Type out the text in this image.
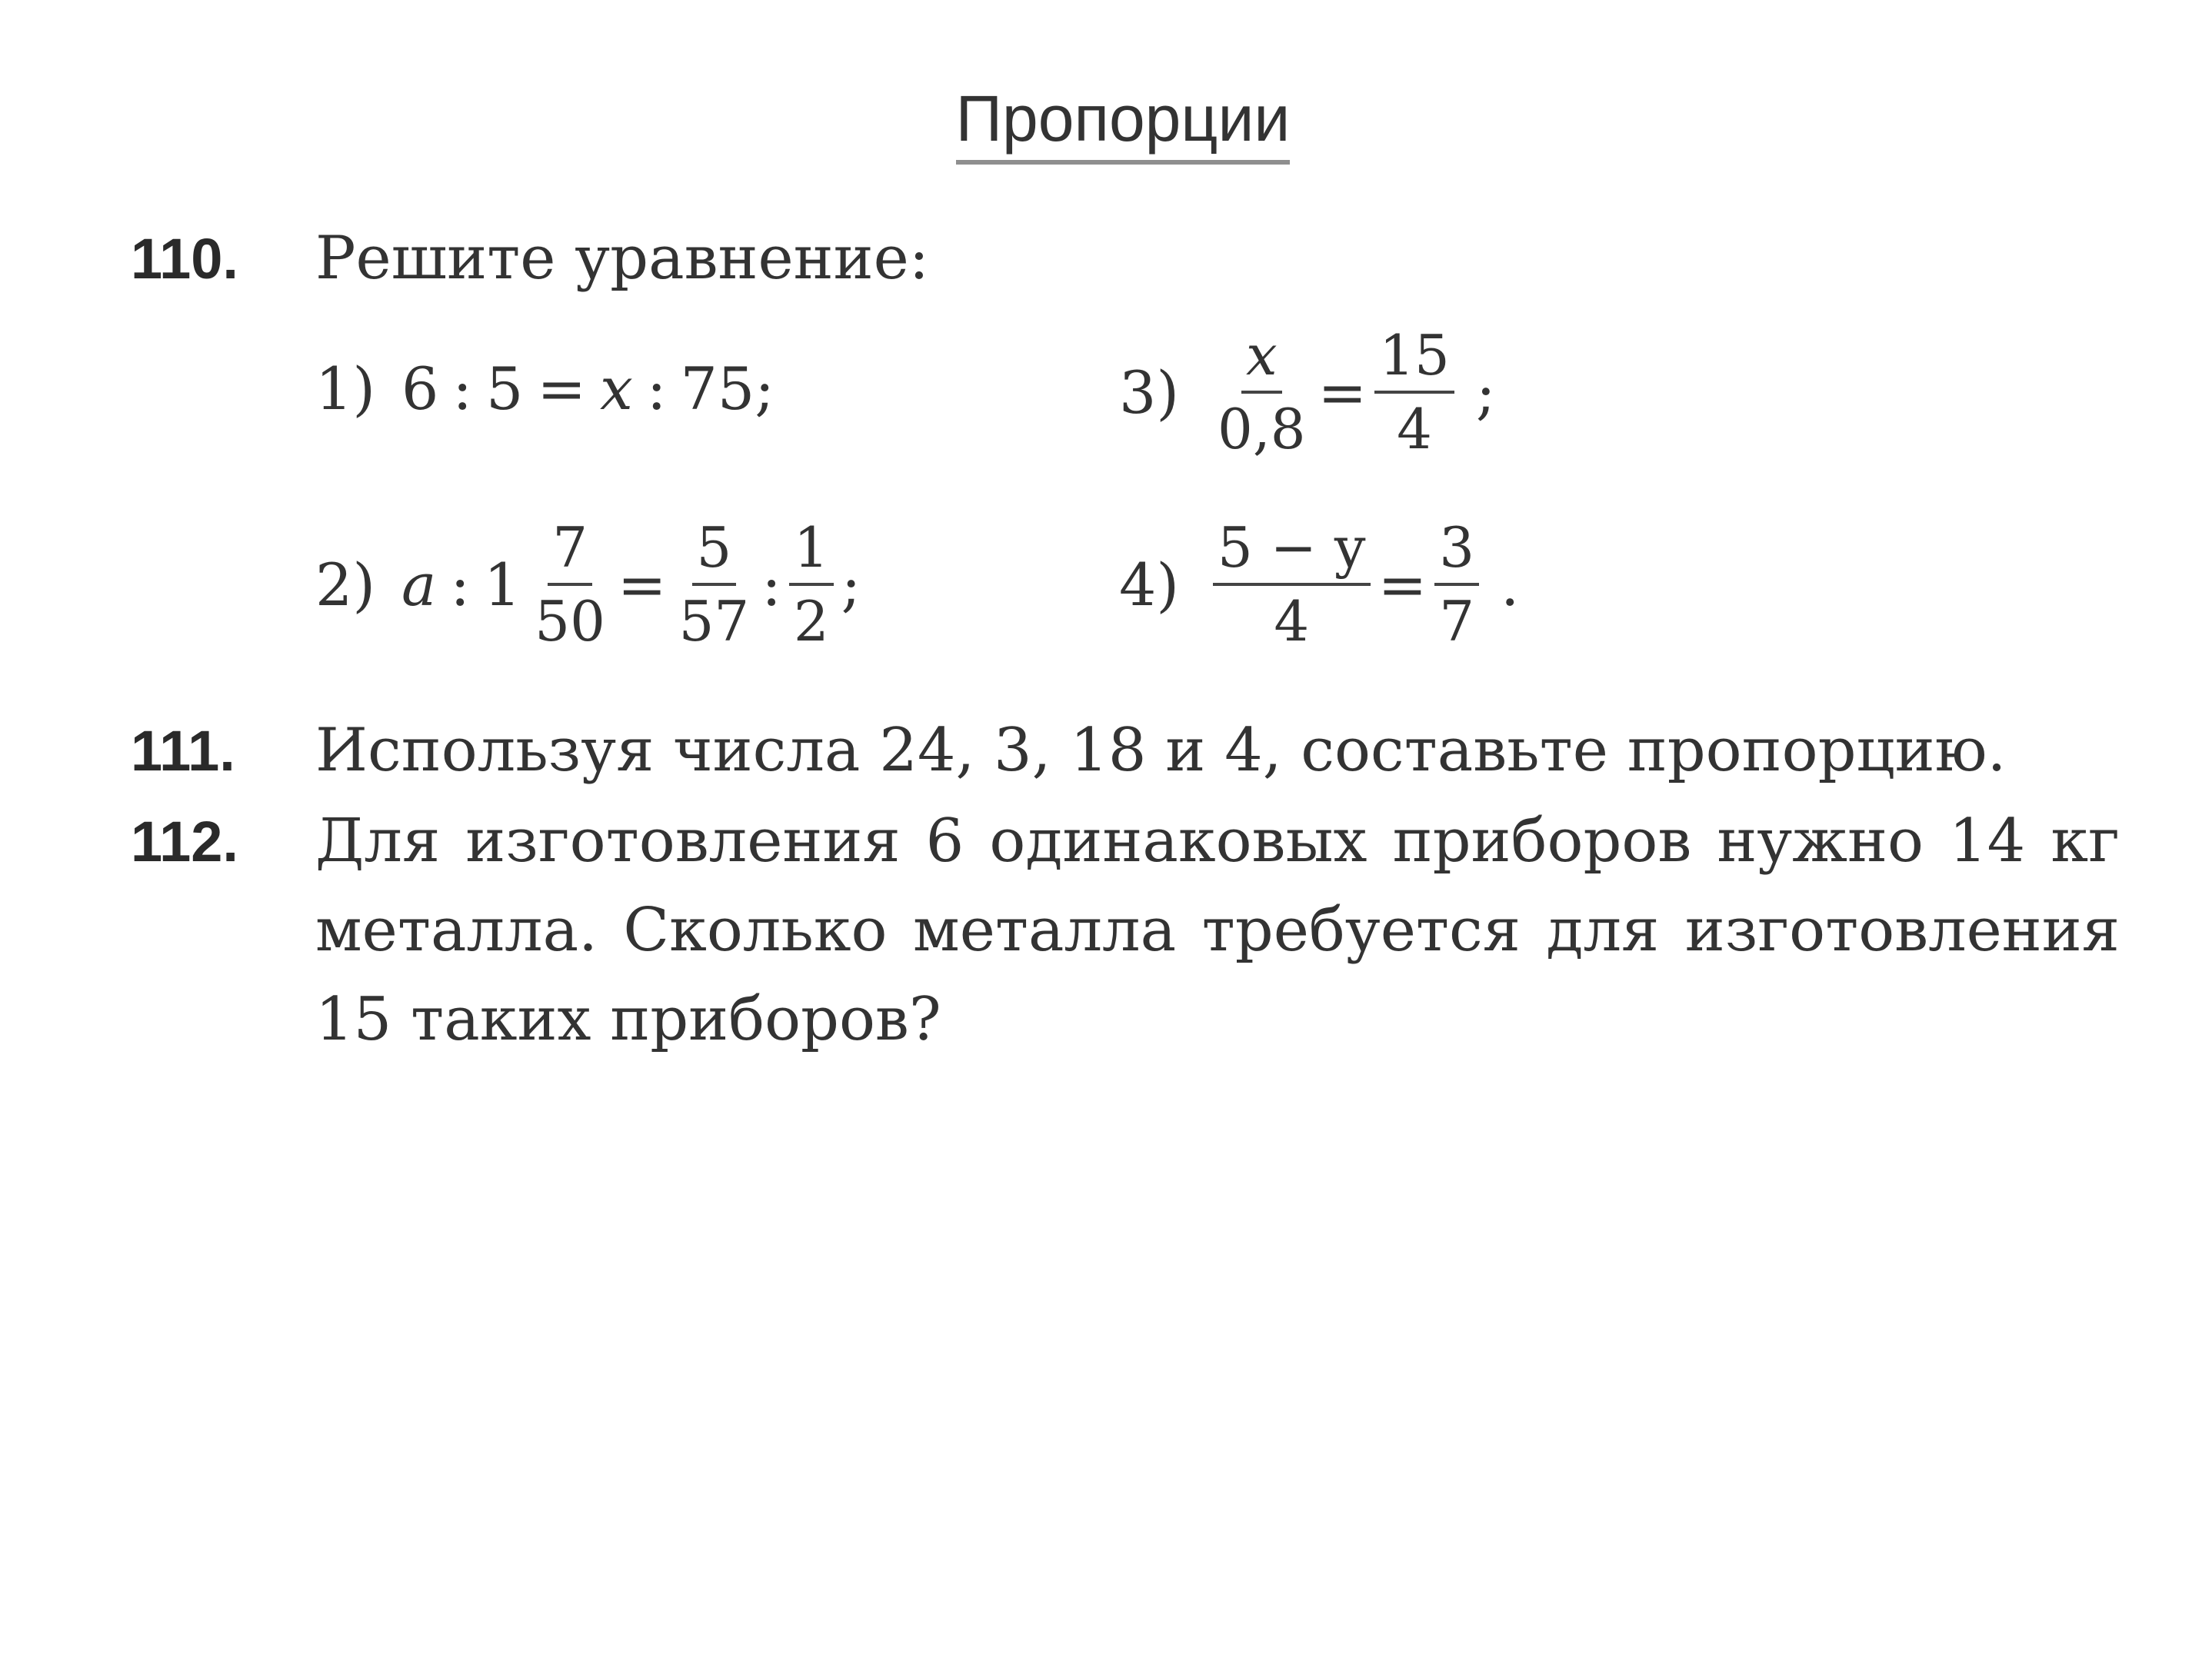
Пропорции
110. Решите уравнение:
1) 6 : 5 = x : 75;	$3) \frac{x}{0,8} = \frac{15}{4}$ ;
2) a : $1 \frac{7}{50} = \frac{5}{57}$ : $\frac{1}{2}$ ;	$4) \frac{5 - y}{4} = \frac{3}{7}$ .
111. Используя числа 24, 3, 18 и 4, составьте пропорцию.
112. Для изготовления 6 одинаковых приборов нужно 14 кг металла. Сколько металла требуется для изготовления 15 таких приборов?
